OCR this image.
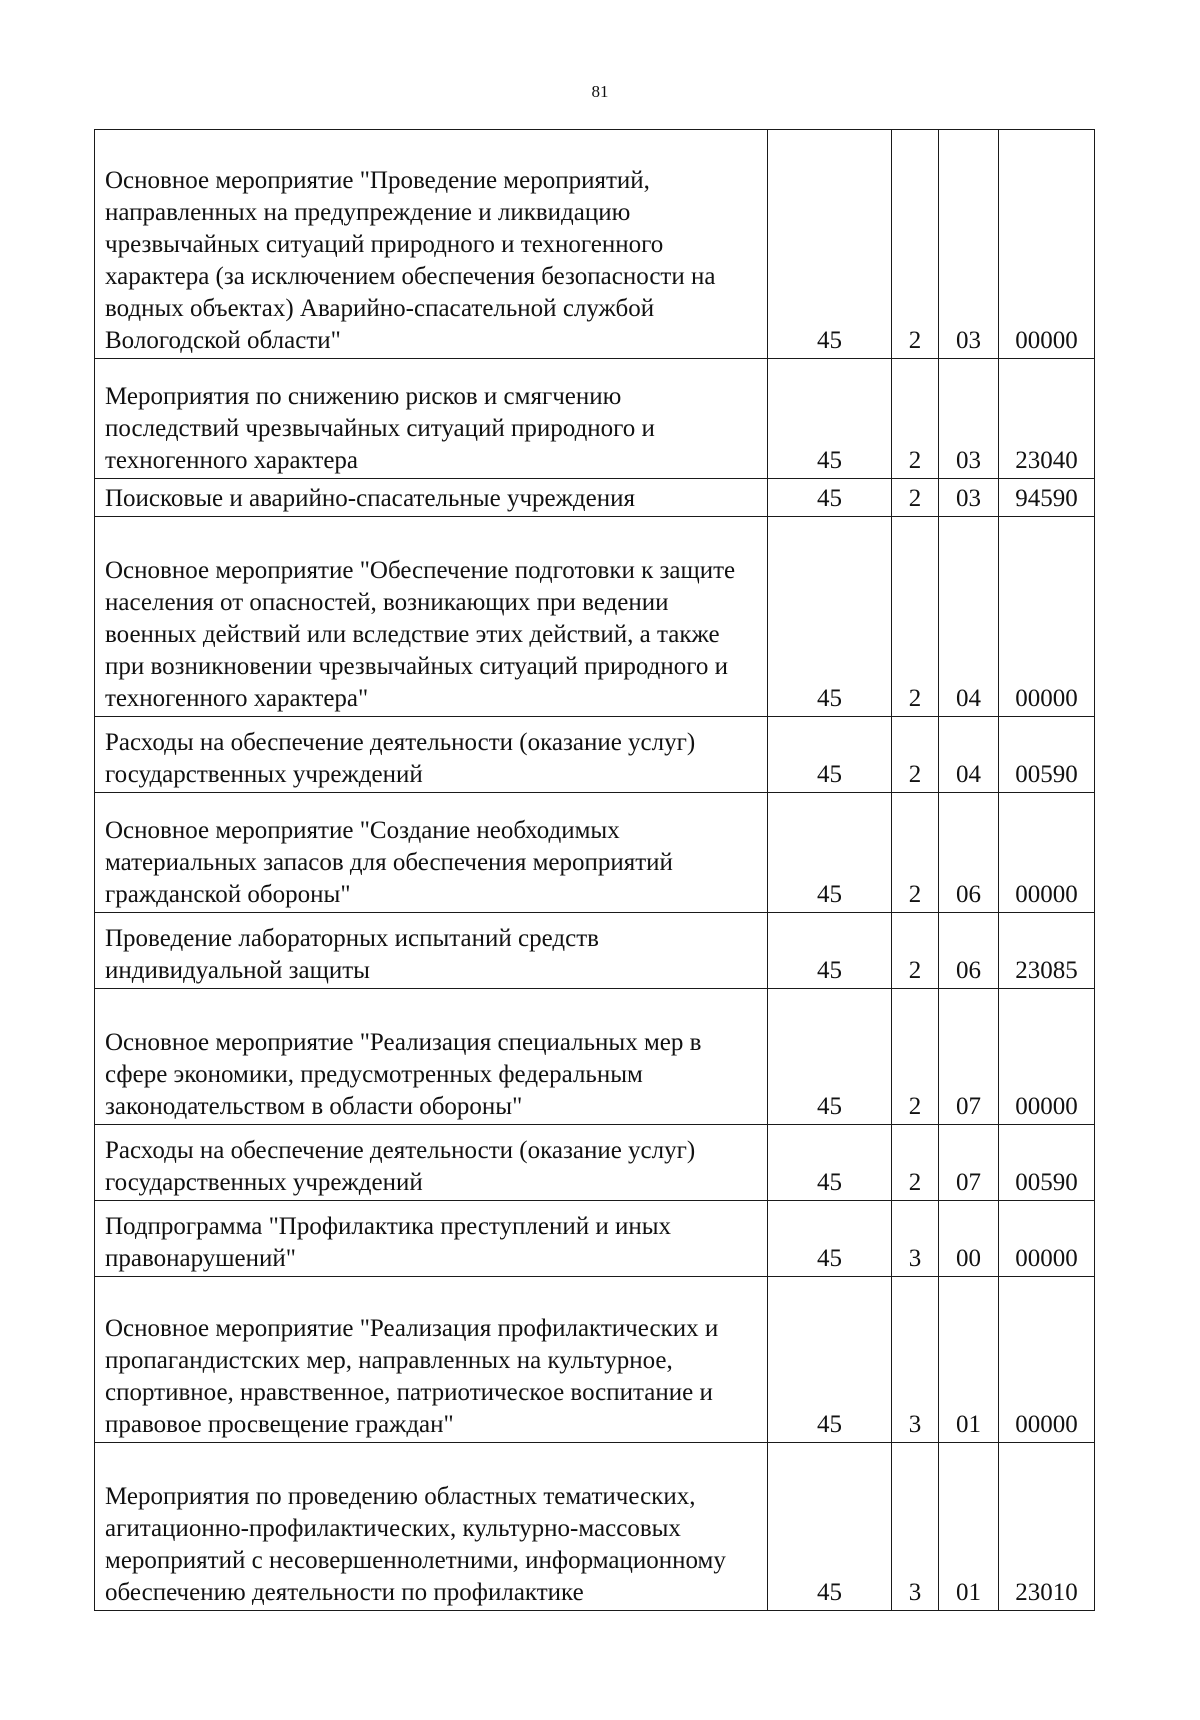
81
Основное мероприятие "Проведение мероприятий, направленных на предупреждение и ликвидацию чрезвычайных ситуаций природного и техногенного характера (за исключением обеспечения безопасности на водных объектах) Аварийно-спасательной службой Вологодской области"	45	2	03	00000
Мероприятия по снижению рисков и смягчению последствий чрезвычайных ситуаций природного и техногенного характера	45	2	03	23040
Поисковые и аварийно-спасательные учреждения	45	2	03	94590
Основное мероприятие "Обеспечение подготовки к защите населения от опасностей, возникающих при ведении военных действий или вследствие этих действий, а также при возникновении чрезвычайных ситуаций природного и техногенного характера"	45	2	04	00000
Расходы на обеспечение деятельности (оказание услуг) государственных учреждений	45	2	04	00590
Основное мероприятие "Создание необходимых материальных запасов для обеспечения мероприятий гражданской обороны"	45	2	06	00000
Проведение лабораторных испытаний средств индивидуальной защиты	45	2	06	23085
Основное мероприятие "Реализация специальных мер в сфере экономики, предусмотренных федеральным законодательством в области обороны"	45	2	07	00000
Расходы на обеспечение деятельности (оказание услуг) государственных учреждений	45	2	07	00590
Подпрограмма "Профилактика преступлений и иных правонарушений"	45	3	00	00000
Основное мероприятие "Реализация профилактических и пропагандистских мер, направленных на культурное, спортивное, нравственное, патриотическое воспитание и правовое просвещение граждан"	45	3	01	00000
Мероприятия по проведению областных тематических, агитационно-профилактических, культурно-массовых мероприятий с несовершеннолетними, информационному обеспечению деятельности по профилактике	45	3	01	23010
